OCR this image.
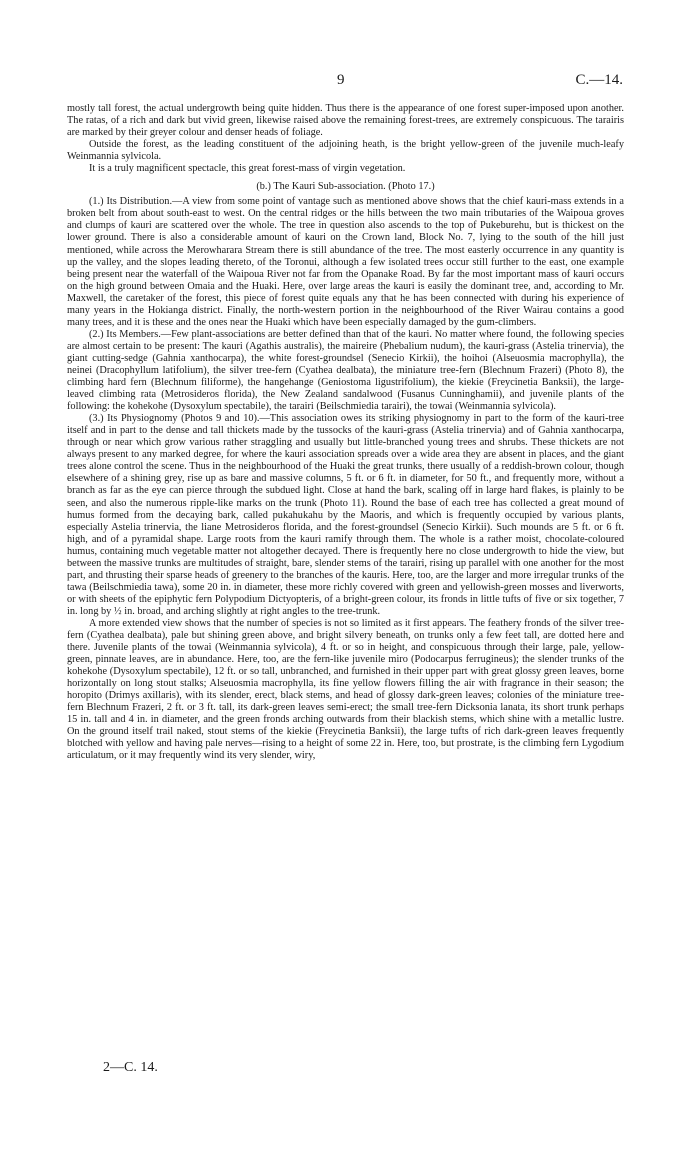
9	C.—14.

mostly tall forest, the actual undergrowth being quite hidden. Thus there is the appearance of one forest super-imposed upon another. The ratas, of a rich and dark but vivid green, likewise raised above the remaining forest-trees, are extremely conspicuous. The tarairis are marked by their greyer colour and denser heads of foliage.

Outside the forest, as the leading constituent of the adjoining heath, is the bright yellow-green of the juvenile much-leafy Weinmannia sylvicola.

It is a truly magnificent spectacle, this great forest-mass of virgin vegetation.

(b.) The Kauri Sub-association. (Photo 17.)

(1.) Its Distribution.—A view from some point of vantage such as mentioned above shows that the chief kauri-mass extends in a broken belt from about south-east to west. On the central ridges or the hills between the two main tributaries of the Waipoua groves and clumps of kauri are scattered over the whole. The tree in question also ascends to the top of Pukeburehu, but is thickest on the lower ground. There is also a considerable amount of kauri on the Crown land, Block No. 7, lying to the south of the hill just mentioned, while across the Merowharara Stream there is still abundance of the tree. The most easterly occurrence in any quantity is up the valley, and the slopes leading thereto, of the Toronui, although a few isolated trees occur still further to the east, one example being present near the waterfall of the Waipoua River not far from the Opanake Road. By far the most important mass of kauri occurs on the high ground between Omaia and the Huaki. Here, over large areas the kauri is easily the dominant tree, and, according to Mr. Maxwell, the caretaker of the forest, this piece of forest quite equals any that he has been connected with during his experience of many years in the Hokianga district. Finally, the north-western portion in the neighbourhood of the River Wairau contains a good many trees, and it is these and the ones near the Huaki which have been especially damaged by the gum-climbers.

(2.) Its Members.—Few plant-associations are better defined than that of the kauri. No matter where found, the following species are almost certain to be present: The kauri (Agathis australis), the maireire (Phebalium nudum), the kauri-grass (Astelia trinervia), the giant cutting-sedge (Gahnia xanthocarpa), the white forest-groundsel (Senecio Kirkii), the hoihoi (Alseuosmia macrophylla), the neinei (Dracophyllum latifolium), the silver tree-fern (Cyathea dealbata), the miniature tree-fern (Blechnum Frazeri) (Photo 8), the climbing hard fern (Blechnum filiforme), the hangehange (Geniostoma ligustrifolium), the kiekie (Freycinetia Banksii), the large-leaved climbing rata (Metrosideros florida), the New Zealand sandalwood (Fusanus Cunninghamii), and juvenile plants of the following: the kohekohe (Dysoxylum spectabile), the tarairi (Beilschmiedia tarairi), the towai (Weinmannia sylvicola).

(3.) Its Physiognomy (Photos 9 and 10).—This association owes its striking physiognomy in part to the form of the kauri-tree itself and in part to the dense and tall thickets made by the tussocks of the kauri-grass (Astelia trinervia) and of Gahnia xanthocarpa, through or near which grow various rather straggling and usually but little-branched young trees and shrubs. These thickets are not always present to any marked degree, for where the kauri association spreads over a wide area they are absent in places, and the giant trees alone control the scene. Thus in the neighbourhood of the Huaki the great trunks, there usually of a reddish-brown colour, though elsewhere of a shining grey, rise up as bare and massive columns, 5 ft. or 6 ft. in diameter, for 50 ft., and frequently more, without a branch as far as the eye can pierce through the subdued light. Close at hand the bark, scaling off in large hard flakes, is plainly to be seen, and also the numerous ripple-like marks on the trunk (Photo 11). Round the base of each tree has collected a great mound of humus formed from the decaying bark, called pukahukahu by the Maoris, and which is frequently occupied by various plants, especially Astelia trinervia, the liane Metrosideros florida, and the forest-groundsel (Senecio Kirkii). Such mounds are 5 ft. or 6 ft. high, and of a pyramidal shape. Large roots from the kauri ramify through them. The whole is a rather moist, chocolate-coloured humus, containing much vegetable matter not altogether decayed. There is frequently here no close undergrowth to hide the view, but between the massive trunks are multitudes of straight, bare, slender stems of the tarairi, rising up parallel with one another for the most part, and thrusting their sparse heads of greenery to the branches of the kauris. Here, too, are the larger and more irregular trunks of the tawa (Beilschmiedia tawa), some 20 in. in diameter, these more richly covered with green and yellowish-green mosses and liverworts, or with sheets of the epiphytic fern Polypodium Dictyopteris, of a bright-green colour, its fronds in little tufts of five or six together, 7 in. long by ½ in. broad, and arching slightly at right angles to the tree-trunk.

A more extended view shows that the number of species is not so limited as it first appears. The feathery fronds of the silver tree-fern (Cyathea dealbata), pale but shining green above, and bright silvery beneath, on trunks only a few feet tall, are dotted here and there. Juvenile plants of the towai (Weinmannia sylvicola), 4 ft. or so in height, and conspicuous through their large, pale, yellow-green, pinnate leaves, are in abundance. Here, too, are the fern-like juvenile miro (Podocarpus ferrugineus); the slender trunks of the kohekohe (Dysoxylum spectabile), 12 ft. or so tall, unbranched, and furnished in their upper part with great glossy green leaves, borne horizontally on long stout stalks; Alseuosmia macrophylla, its fine yellow flowers filling the air with fragrance in their season; the horopito (Drimys axillaris), with its slender, erect, black stems, and head of glossy dark-green leaves; colonies of the miniature tree-fern Blechnum Frazeri, 2 ft. or 3 ft. tall, its dark-green leaves semi-erect; the small tree-fern Dicksonia lanata, its short trunk perhaps 15 in. tall and 4 in. in diameter, and the green fronds arching outwards from their blackish stems, which shine with a metallic lustre. On the ground itself trail naked, stout stems of the kiekie (Freycinetia Banksii), the large tufts of rich dark-green leaves frequently blotched with yellow and having pale nerves—rising to a height of some 22 in. Here, too, but prostrate, is the climbing fern Lygodium articulatum, or it may frequently wind its very slender, wiry,

2—C. 14.
